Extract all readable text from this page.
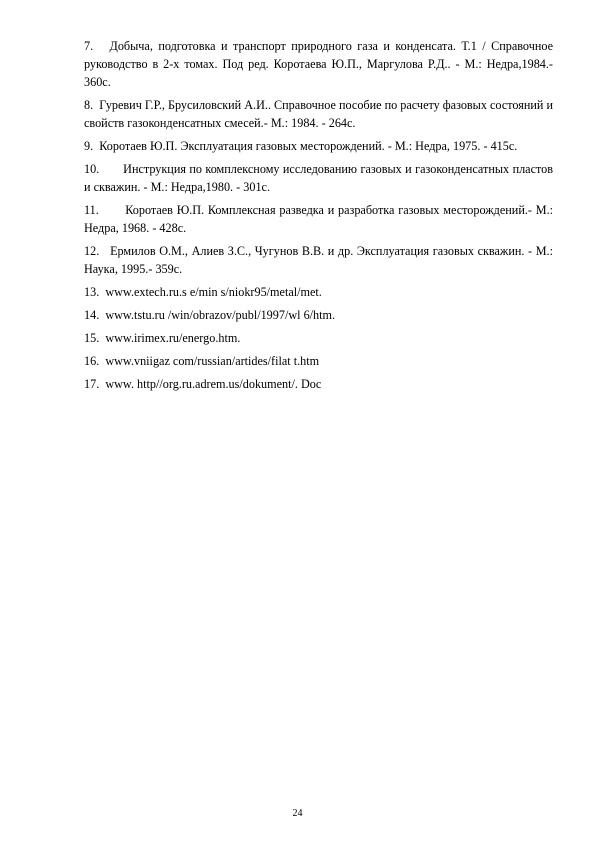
7. Добыча, подготовка и транспорт природного газа и конденсата. Т.1 / Справочное руководство в 2-х томах. Под ред. Коротаева Ю.П., Маргулова Р.Д.. - М.: Недра,1984.- 360с.
8. Гуревич Г.Р., Брусиловский А.И.. Справочное пособие по расчету фазовых состояний и свойств газоконденсатных смесей.- М.: 1984. - 264с.
9. Коротаев Ю.П. Эксплуатация газовых месторождений. - М.: Недра, 1975. - 415с.
10. Инструкция по комплексному исследованию газовых и газоконденсатных пластов и скважин. - М.: Недра,1980. - 301с.
11. Коротаев Ю.П. Комплексная разведка и разработка газовых месторождений.- М.: Недра, 1968. - 428с.
12. Ермилов О.М., Алиев З.С., Чугунов В.В. и др. Эксплуатация газовых скважин. - М.: Наука, 1995.- 359с.
13. www.extech.ru.s e/min s/niokr95/metal/met.
14. www.tstu.ru /win/obrazov/publ/1997/wl 6/htm.
15. www.irimex.ru/energo.htm.
16. www.vniigaz com/russian/artides/filat t.htm
17. www. http//org.ru.adrem.us/dokument/. Doc
24
